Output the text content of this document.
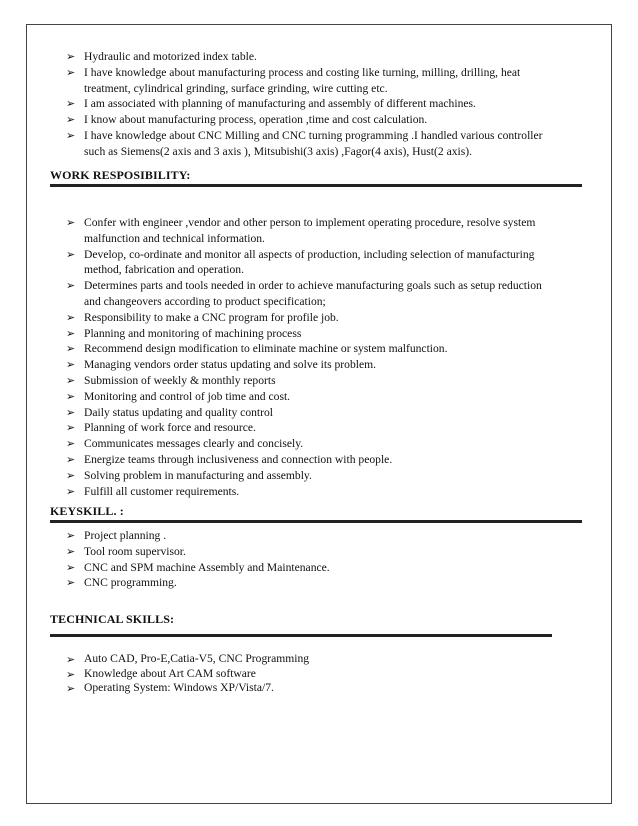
➢ Hydraulic and motorized index table.
➢ I have knowledge about manufacturing process and costing like turning, milling, drilling, heat treatment, cylindrical grinding, surface grinding, wire cutting etc.
➢ I am associated with planning of manufacturing and assembly of different machines.
➢ I know about manufacturing process, operation ,time and cost calculation.
➢ I have knowledge about CNC Milling and CNC turning programming .I handled various controller such as Siemens(2 axis and 3 axis ), Mitsubishi(3 axis) ,Fagor(4 axis), Hust(2 axis).
WORK RESPOSIBILITY:
➢ Confer with engineer ,vendor and other person to implement operating procedure, resolve system malfunction and technical information.
➢ Develop, co-ordinate and monitor all aspects of production, including selection of manufacturing method, fabrication and operation.
➢ Determines parts and tools needed in order to achieve manufacturing goals such as setup reduction and changeovers according to product specification;
➢ Responsibility to make a CNC program for profile job.
➢ Planning and monitoring of machining process
➢ Recommend design modification to eliminate machine or system malfunction.
➢ Managing vendors order status updating and solve its problem.
➢ Submission of weekly & monthly reports
➢ Monitoring and control of job time and cost.
➢ Daily status updating and quality control
➢ Planning of work force and resource.
➢ Communicates messages clearly and concisely.
➢ Energize teams through inclusiveness and connection with people.
➢ Solving problem in manufacturing and assembly.
➢ Fulfill all customer requirements.
KEYSKILL. :
➢ Project planning .
➢ Tool room supervisor.
➢ CNC and SPM machine Assembly and Maintenance.
➢ CNC programming.
TECHNICAL SKILLS:
➢ Auto CAD, Pro-E,Catia-V5, CNC Programming
➢ Knowledge about Art CAM software
➢ Operating System: Windows XP/Vista/7.
